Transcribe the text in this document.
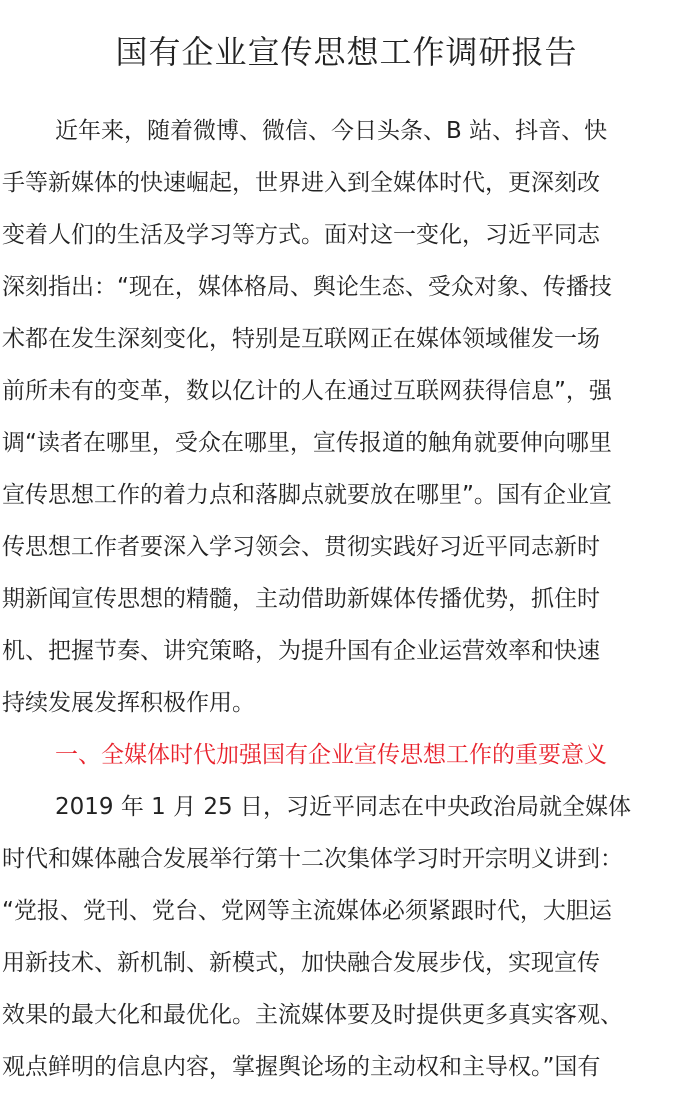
国有企业宣传思想工作调研报告
近年来，随着微博、微信、今日头条、B 站、抖音、快
手等新媒体的快速崛起，世界进入到全媒体时代，更深刻改
变着人们的生活及学习等方式。面对这一变化，习近平同志
深刻指出：“现在，媒体格局、舆论生态、受众对象、传播技
术都在发生深刻变化，特别是互联网正在媒体领域催发一场
前所未有的变革，数以亿计的人在通过互联网获得信息”，强
调“读者在哪里，受众在哪里，宣传报道的触角就要伸向哪里
宣传思想工作的着力点和落脚点就要放在哪里”。国有企业宣
传思想工作者要深入学习领会、贯彻实践好习近平同志新时
期新闻宣传思想的精髓，主动借助新媒体传播优势，抓住时
机、把握节奏、讲究策略，为提升国有企业运营效率和快速
持续发展发挥积极作用。
一、全媒体时代加强国有企业宣传思想工作的重要意义
2019 年 1 月 25 日，习近平同志在中央政治局就全媒体
时代和媒体融合发展举行第十二次集体学习时开宗明义讲到：
“党报、党刊、党台、党网等主流媒体必须紧跟时代，大胆运
用新技术、新机制、新模式，加快融合发展步伐，实现宣传
效果的最大化和最优化。主流媒体要及时提供更多真实客观、
观点鲜明的信息内容，掌握舆论场的主动权和主导权。”国有
